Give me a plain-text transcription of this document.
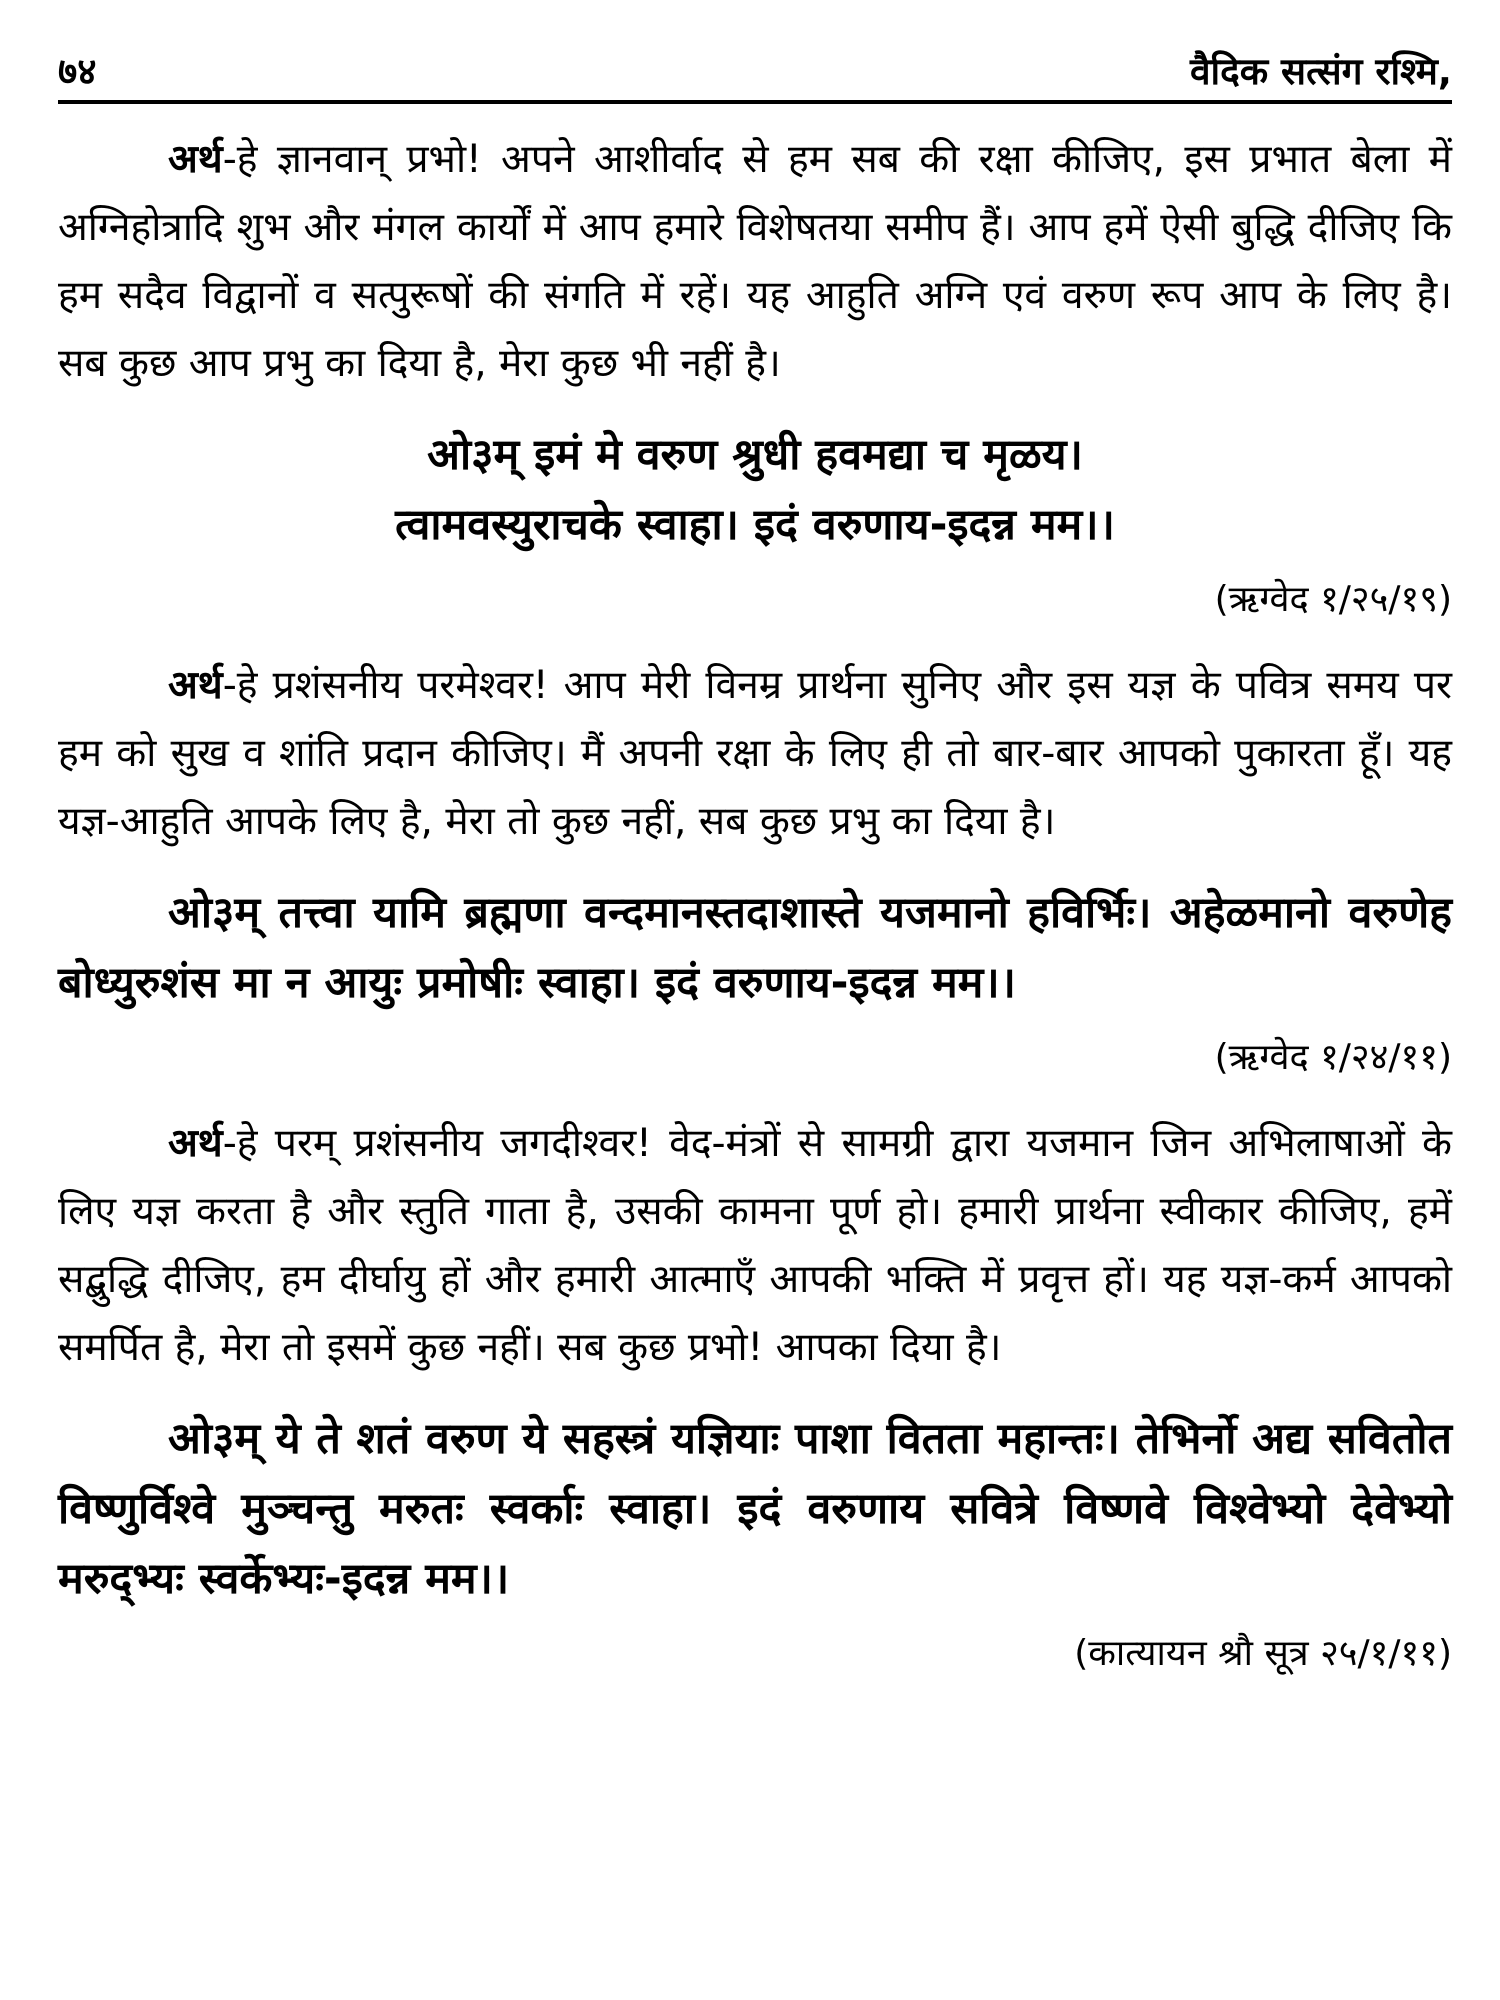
७४	वैदिक सत्संग रश्मि,

अर्थ-हे ज्ञानवान् प्रभो! अपने आशीर्वाद से हम सब की रक्षा कीजिए, इस प्रभात बेला में अग्निहोत्रादि शुभ और मंगल कार्यों में आप हमारे विशेषतया समीप हैं। आप हमें ऐसी बुद्धि दीजिए कि हम सदैव विद्वानों व सत्पुरूषों की संगति में रहें। यह आहुति अग्नि एवं वरुण रूप आप के लिए है। सब कुछ आप प्रभु का दिया है, मेरा कुछ भी नहीं है।

ओ३म् इमं मे वरुण श्रुधी हवमद्या च मृळय।
त्वामवस्युराचके स्वाहा। इदं वरुणाय-इदन्न मम।।
(ऋग्वेद १/२५/१९)

अर्थ-हे प्रशंसनीय परमेश्वर! आप मेरी विनम्र प्रार्थना सुनिए और इस यज्ञ के पवित्र समय पर हम को सुख व शांति प्रदान कीजिए। मैं अपनी रक्षा के लिए ही तो बार-बार आपको पुकारता हूँ। यह यज्ञ-आहुति आपके लिए है, मेरा तो कुछ नहीं, सब कुछ प्रभु का दिया है।

ओ३म् तत्त्वा यामि ब्रह्मणा वन्दमानस्तदाशास्ते यजमानो हविर्भिः। अहेळमानो वरुणेह बोध्युरुशंस मा न आयुः प्रमोषीः स्वाहा। इदं वरुणाय-इदन्न मम।।

(ऋग्वेद १/२४/११)

अर्थ-हे परम् प्रशंसनीय जगदीश्वर! वेद-मंत्रों से सामग्री द्वारा यजमान जिन अभिलाषाओं के लिए यज्ञ करता है और स्तुति गाता है, उसकी कामना पूर्ण हो। हमारी प्रार्थना स्वीकार कीजिए, हमें सद्बुद्धि दीजिए, हम दीर्घायु हों और हमारी आत्माएँ आपकी भक्ति में प्रवृत्त हों। यह यज्ञ-कर्म आपको समर्पित है, मेरा तो इसमें कुछ नहीं। सब कुछ प्रभो! आपका दिया है।

ओ३म् ये ते शतं वरुण ये सहस्त्रं यज्ञियाः पाशा वितता महान्तः। तेभिर्नो अद्य सवितोत विष्णुर्विश्वे मुञ्चन्तु मरुतः स्वर्काः स्वाहा। इदं वरुणाय सवित्रे विष्णवे विश्वेभ्यो देवेभ्यो मरुद्भ्यः स्वर्केभ्यः-इदन्न मम।।

(कात्यायन श्रौ सूत्र २५/१/११)
